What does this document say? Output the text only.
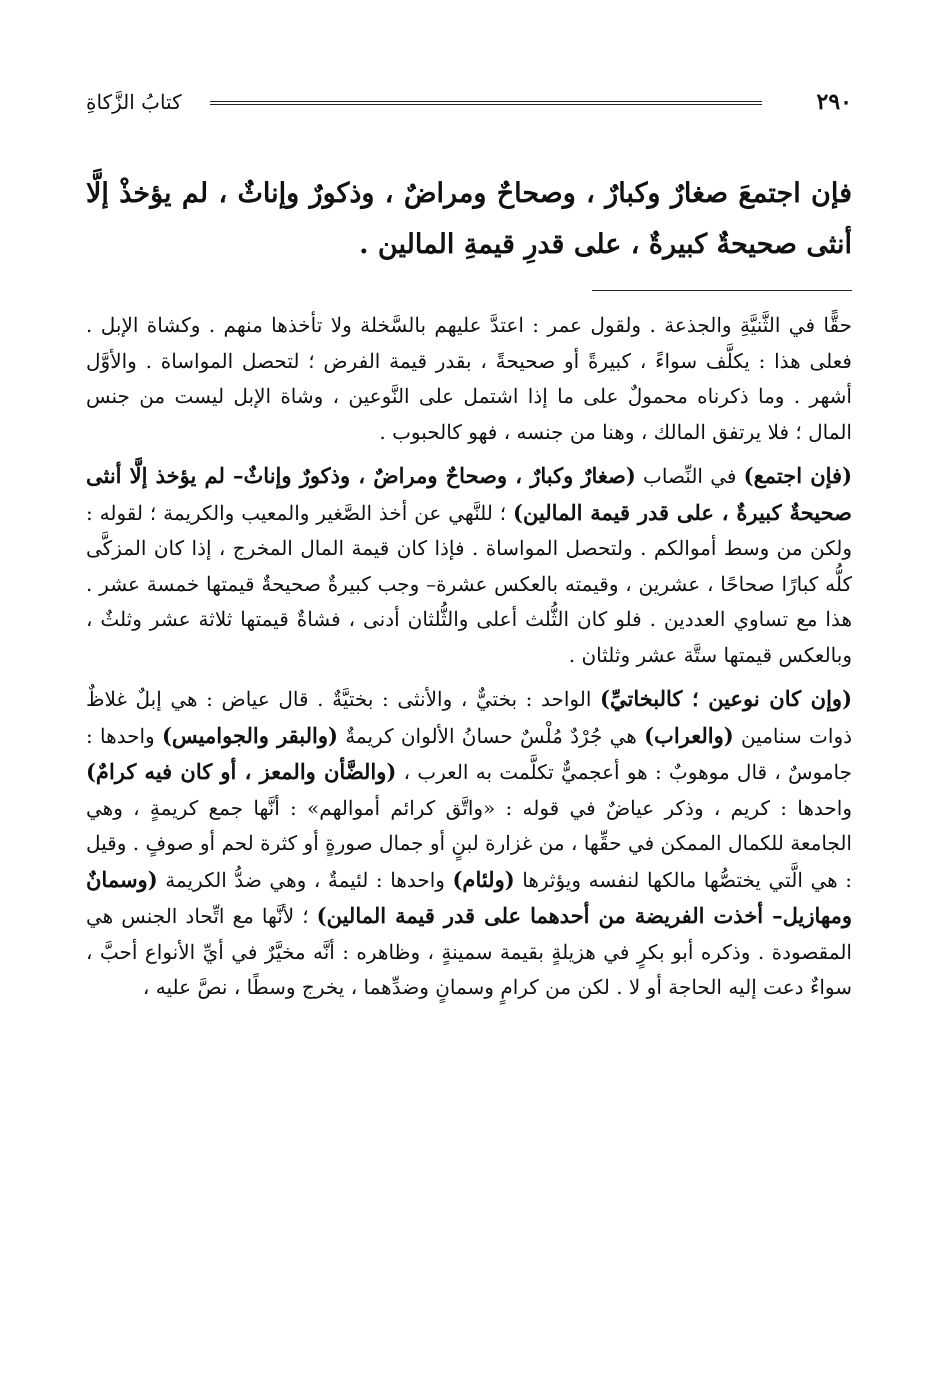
٢٩٠
كتابُ الزَّكاةِ

فإن اجتمعَ صغارٌ وكبارٌ ، وصحاحٌ ومراضٌ ، وذكورٌ وإناثٌ ، لم يؤخذْ إلَّا أنثى صحيحةٌ كبيرةٌ ، على قدرِ قيمةِ المالين .

حقًّا في الثَّنيَّةِ والجذعة . ولقول عمر : اعتدَّ عليهم بالسَّخلة ولا تأخذها منهم . وكشاة الإبل . فعلى هذا : يكلَّف سواءً ، كبيرةً أو صحيحةً ، بقدر قيمة الفرض ؛ لتحصل المواساة . والأوَّل أشهر . وما ذكرناه محمولٌ على ما إذا اشتمل على النَّوعين ، وشاة الإبل ليست من جنس المال ؛ فلا يرتفق المالك ، وهنا من جنسه ، فهو كالحبوب .

(فإن اجتمع) في النِّصاب (صغارٌ وكبارٌ ، وصحاحٌ ومراضٌ ، وذكورٌ وإناثٌ– لم يؤخذ إلَّا أنثى صحيحةٌ كبيرةٌ ، على قدر قيمة المالين) ؛ للنَّهي عن أخذ الصَّغير والمعيب والكريمة ؛ لقوله : ولكن من وسط أموالكم . ولتحصل المواساة . فإذا كان قيمة المال المخرج ، إذا كان المزكَّى كلُّه كبارًا صحاحًا ، عشرين ، وقيمته بالعكس عشرة– وجب كبيرةٌ صحيحةٌ قيمتها خمسة عشر . هذا مع تساوي العددين . فلو كان الثُّلث أعلى والثُّلثان أدنى ، فشاةٌ قيمتها ثلاثة عشر وثلثٌ ، وبالعكس قيمتها ستَّة عشر وثلثان .

(وإن كان نوعين ؛ كالبخاتيِّ) الواحد : بختيٌّ ، والأنثى : بختيَّةٌ . قال عياض : هي إبلٌ غلاظٌ ذوات سنامين (والعراب) هي جُرْدٌ مُلْسٌ حسانُ الألوان كريمةٌ (والبقر والجواميس) واحدها : جاموسٌ ، قال موهوبٌ : هو أعجميٌّ تكلَّمت به العرب ، (والضَّأن والمعز ، أو كان فيه كرامٌ) واحدها : كريم ، وذكر عياضٌ في قوله : «واتَّق كرائم أموالهم» : أنَّها جمع كريمةٍ ، وهي الجامعة للكمال الممكن في حقِّها ، من غزارة لبنٍ أو جمال صورةٍ أو كثرة لحم أو صوفٍ . وقيل : هي الَّتي يختصُّها مالكها لنفسه ويؤثرها (ولئام) واحدها : لئيمةٌ ، وهي ضدُّ الكريمة (وسمانٌ ومهازيل– أخذت الفريضة من أحدهما على قدر قيمة المالين) ؛ لأنَّها مع اتِّحاد الجنس هي المقصودة . وذكره أبو بكرٍ في هزيلةٍ بقيمة سمينةٍ ، وظاهره : أنَّه مخيَّرٌ في أيِّ الأنواع أحبَّ ، سواءٌ دعت إليه الحاجة أو لا . لكن من كرامٍ وسمانٍ وضدِّهما ، يخرج وسطًا ، نصَّ عليه ،
